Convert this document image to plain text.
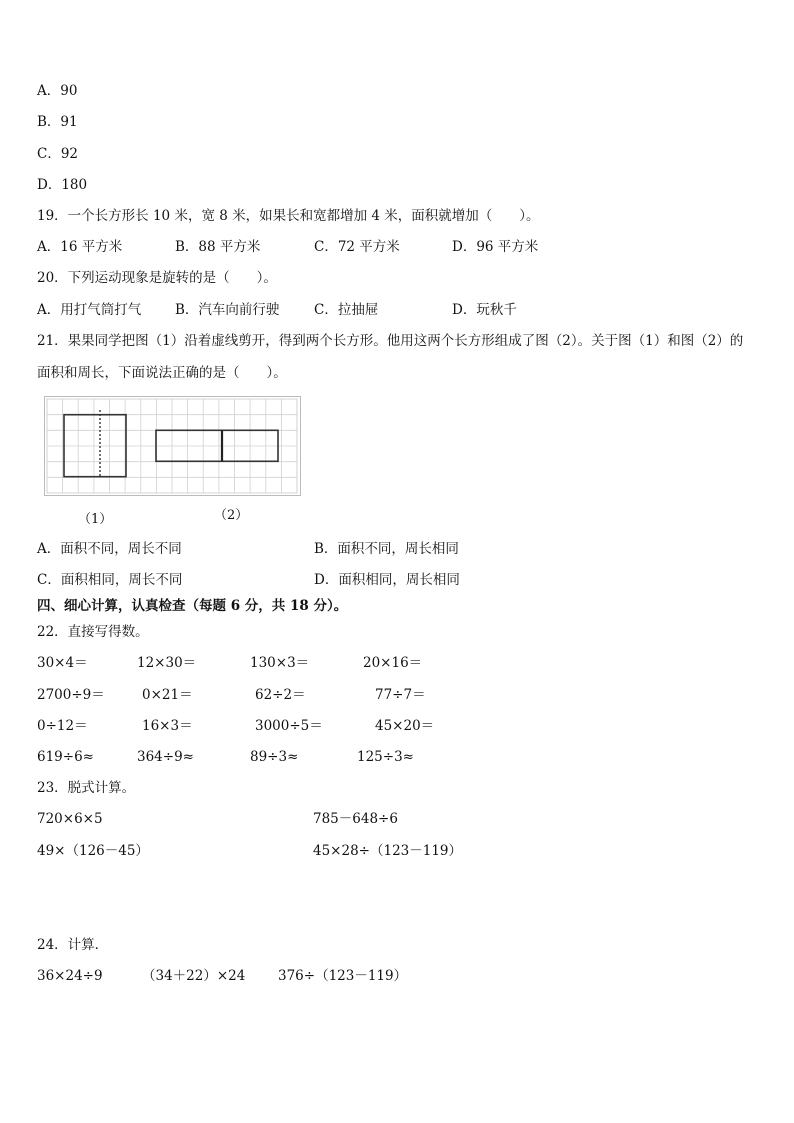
A．90
B．91
C．92
D．180
19．一个长方形长 10 米，宽 8 米，如果长和宽都增加 4 米，面积就增加（　　）。
A．16 平方米	B．88 平方米	C．72 平方米	D．96 平方米
20．下列运动现象是旋转的是（　　）。
A．用打气筒打气	B．汽车向前行驶	C．拉抽屉	D．玩秋千
21．果果同学把图（1）沿着虚线剪开，得到两个长方形。他用这两个长方形组成了图（2）。关于图（1）和图（2）的
面积和周长，下面说法正确的是（　　）。
（1）	（2）
A．面积不同，周长不同	B．面积不同，周长相同
C．面积相同，周长不同	D．面积相同，周长相同
四、细心计算，认真检查（每题 6 分，共 18 分）。
22．直接写得数。
30×4＝	12×30＝	130×3＝	20×16＝
2700÷9＝	0×21＝	62÷2＝	77÷7＝
0÷12＝	16×3＝	3000÷5＝	45×20＝
619÷6≈	364÷9≈	89÷3≈	125÷3≈
23．脱式计算。
720×6×5	785－648÷6
49×（126－45）	45×28÷（123－119）
24．计算．
36×24÷9	（34＋22）×24 376÷（123－119）
